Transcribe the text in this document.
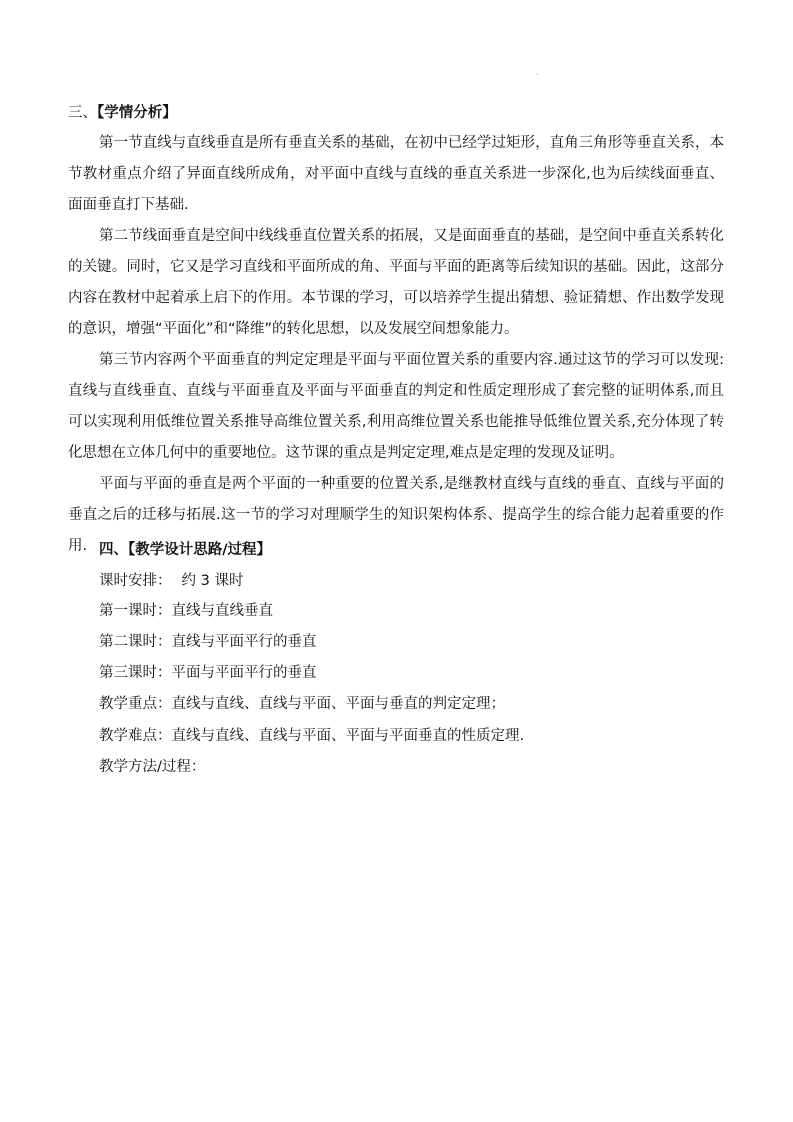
·
三、【学情分析】

第一节直线与直线垂直是所有垂直关系的基础，在初中已经学过矩形，直角三角形等垂直关系，本节教材重点介绍了异面直线所成角，对平面中直线与直线的垂直关系进一步深化,也为后续线面垂直、面面垂直打下基础.

第二节线面垂直是空间中线线垂直位置关系的拓展，又是面面垂直的基础，是空间中垂直关系转化的关键。同时，它又是学习直线和平面所成的角、平面与平面的距离等后续知识的基础。因此，这部分内容在教材中起着承上启下的作用。本节课的学习，可以培养学生提出猜想、验证猜想、作出数学发现的意识，增强“平面化”和“降维”的转化思想，以及发展空间想象能力。

第三节内容两个平面垂直的判定定理是平面与平面位置关系的重要内容.通过这节的学习可以发现:直线与直线垂直、直线与平面垂直及平面与平面垂直的判定和性质定理形成了套完整的证明体系,而且可以实现利用低维位置关系推导高维位置关系,利用高维位置关系也能推导低维位置关系,充分体现了转化思想在立体几何中的重要地位。这节课的重点是判定定理,难点是定理的发现及证明。

平面与平面的垂直是两个平面的一种重要的位置关系,是继教材直线与直线的垂直、直线与平面的垂直之后的迁移与拓展.这一节的学习对理顺学生的知识架构体系、提高学生的综合能力起着重要的作用. 四、【教学设计思路/过程】
课时安排： 约 3 课时
第一课时：直线与直线垂直
第二课时：直线与平面平行的垂直
第三课时：平面与平面平行的垂直
教学重点：直线与直线、直线与平面、平面与垂直的判定定理；
教学难点：直线与直线、直线与平面、平面与平面垂直的性质定理.
教学方法/过程：
